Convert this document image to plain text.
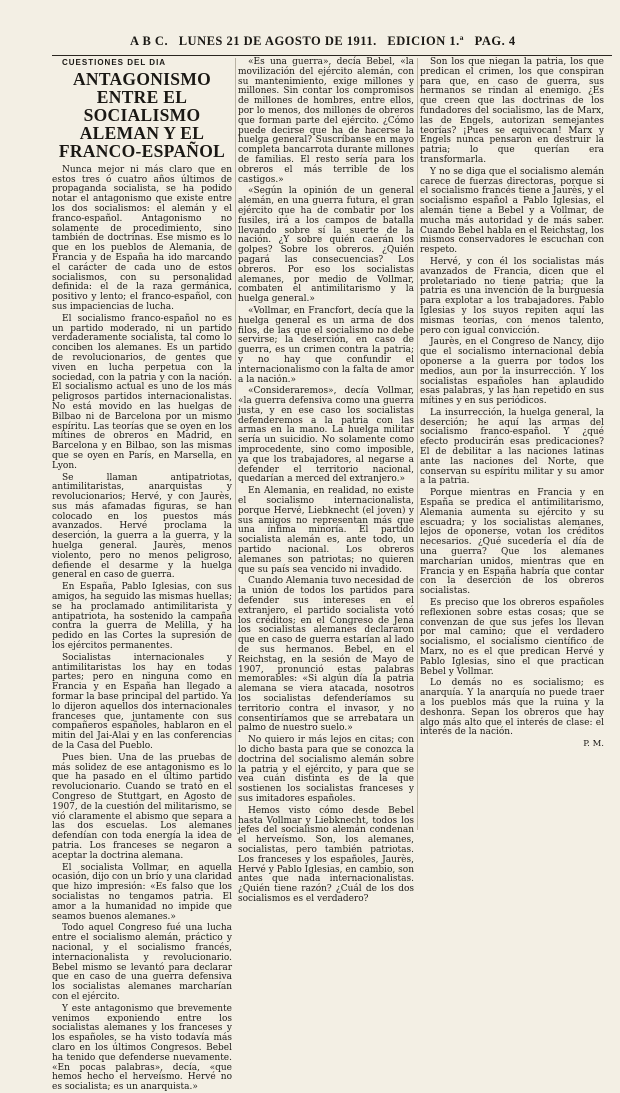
A B C. LUNES 21 DE AGOSTO DE 1911. EDICION 1.ª PAG. 4

CUESTIONES DEL DIA

ANTAGONISMO ENTRE EL SOCIALISMO ALEMAN Y EL FRANCO-ESPAÑOL

Nunca mejor ni más claro que en estos tres ó cuatro años últimos de propaganda socialista, se ha podido notar el antagonismo que existe entre los dos socialismos: el alemán y el franco-español. Antagonismo no solamente de procedimiento, sino también de doctrinas. Ese mismo es lo que en los pueblos de Alemania, de Francia y de España ha ido marcando el carácter de cada uno de estos socialismos, con su personalidad definida: el de la raza germánica, positivo y lento; el franco-español, con sus impaciencias de lucha.

El socialismo franco-español no es un partido moderado, ni un partido verdaderamente socialista, tal como lo conciben los alemanes. Es un partido de revolucionarios, de gentes que viven en lucha perpetua con la sociedad, con la patria y con la nación. El socialismo actual es uno de los más peligrosos partidos internacionalistas. No está movido en las huelgas de Bilbao ni de Barcelona por un mismo espíritu. Las teorías que se oyen en los mítines de obreros en Madrid, en Barcelona y en Bilbao, son las mismas que se oyen en París, en Marsella, en Lyon.

Se llaman antipatriotas, antimilitaristas, anarquistas y revolucionarios; Hervé, y con Jaurès, sus más afamadas figuras, se han colocado en los puestos más avanzados. Hervé proclama la deserción, la guerra a la guerra, y la huelga general. Jaurès, menos violento, pero no menos peligroso, defiende el desarme y la huelga general en caso de guerra.

En España, Pablo Iglesias, con sus amigos, ha seguido las mismas huellas; se ha proclamado antimilitarista y antipatriota, ha sostenido la campaña contra la guerra de Melilla, y ha pedido en las Cortes la supresión de los ejércitos permanentes.

Socialistas internacionales y antimilitaristas los hay en todas partes; pero en ninguna como en Francia y en España han llegado a formar la base principal del partido. Ya lo dijeron aquellos dos internacionales franceses que, juntamente con sus compañeros españoles, hablaron en el mitin del Jai-Alai y en las conferencias de la Casa del Pueblo.

Pues bien. Una de las pruebas de más solidez de ese antagonismo es lo que ha pasado en el último partido revolucionario. Cuando se trató en el Congreso de Stuttgart, en Agosto de 1907, de la cuestión del militarismo, se vió claramente el abismo que separa a las dos escuelas. Los alemanes defendían con toda energía la idea de patria. Los franceses se negaron a aceptar la doctrina alemana.

El socialista Vollmar, en aquella ocasión, dijo con un brío y una claridad que hizo impresión: «Es falso que los socialistas no tengamos patria. El amor a la humanidad no impide que seamos buenos alemanes.»

Todo aquel Congreso fué una lucha entre el socialismo alemán, práctico y nacional, y el socialismo francés, internacionalista y revolucionario. Bebel mismo se levantó para declarar que en caso de una guerra defensiva los socialistas alemanes marcharían con el ejército.

Y este antagonismo que brevemente venimos exponiendo entre los socialistas alemanes y los franceses y los españoles, se ha visto todavía más claro en los últimos Congresos. Bebel ha tenido que defenderse nuevamente. «En pocas palabras», decía, «que hemos hecho el herveísmo. Hervé no es socialista; es un anarquista.»

«Es una guerra», decía Bebel, «la movilización del ejército alemán, con su mantenimiento, exige millones y millones. Sin contar los compromisos de millones de hombres, entre ellos, por lo menos, dos millones de obreros que forman parte del ejército. ¿Cómo puede decirse que ha de hacerse la huelga general? Suscríbanse en mayo completa bancarrota durante millones de familias. El resto sería para los obreros el más terrible de los castigos.»

«Según la opinión de un general alemán, en una guerra futura, el gran ejército que ha de combatir por los fusiles, irá a los campos de batalla llevando sobre sí la suerte de la nación. ¿Y sobre quién caerán los golpes? Sobre los obreros. ¿Quién pagará las consecuencias? Los obreros. Por eso los socialistas alemanes, por medio de Vollmar, combaten el antimilitarismo y la huelga general.»

«Vollmar, en Francfort, decía que la huelga general es un arma de dos filos, de las que el socialismo no debe servirse; la deserción, en caso de guerra, es un crimen contra la patria; y no hay que confundir el internacionalismo con la falta de amor a la nación.»

«Consideraremos», decía Vollmar, «la guerra defensiva como una guerra justa, y en ese caso los socialistas defenderemos a la patria con las armas en la mano. La huelga militar sería un suicidio. No solamente como improcedente, sino como imposible, ya que los trabajadores, al negarse a defender el territorio nacional, quedarían a merced del extranjero.»

En Alemania, en realidad, no existe el socialismo internacionalista, porque Hervé, Liebknecht (el joven) y sus amigos no representan más que una ínfima minoría. El partido socialista alemán es, ante todo, un partido nacional. Los obreros alemanes son patriotas; no quieren que su país sea vencido ni invadido.

Cuando Alemania tuvo necesidad de la unión de todos los partidos para defender sus intereses en el extranjero, el partido socialista votó los créditos; en el Congreso de Jena los socialistas alemanes declararon que en caso de guerra estarían al lado de sus hermanos. Bebel, en el Reichstag, en la sesión de Mayo de 1907, pronunció estas palabras memorables: «Si algún día la patria alemana se viera atacada, nosotros los socialistas defenderíamos su territorio contra el invasor, y no consentiríamos que se arrebatara un palmo de nuestro suelo.»

No quiero ir más lejos en citas; con lo dicho basta para que se conozca la doctrina del socialismo alemán sobre la patria y el ejército, y para que se vea cuán distinta es de la que sostienen los socialistas franceses y sus imitadores españoles.

Hemos visto cómo desde Bebel hasta Vollmar y Liebknecht, todos los jefes del socialismo alemán condenan el herveísmo. Son, los alemanes, socialistas, pero también patriotas. Los franceses y los españoles, Jaurès, Hervé y Pablo Iglesias, en cambio, son antes que nada internacionalistas. ¿Quién tiene razón? ¿Cuál de los dos socialismos es el verdadero?

Son los que niegan la patria, los que predican el crimen, los que conspiran para que, en caso de guerra, sus hermanos se rindan al enemigo. ¿Es que creen que las doctrinas de los fundadores del socialismo, las de Marx, las de Engels, autorizan semejantes teorías? ¡Pues se equivocan! Marx y Engels nunca pensaron en destruir la patria; lo que querían era transformarla.

Y no se diga que el socialismo alemán carece de fuerzas directoras, porque si el socialismo francés tiene a Jaurès, y el socialismo español a Pablo Iglesias, el alemán tiene a Bebel y a Vollmar, de mucha más autoridad y de más saber. Cuando Bebel habla en el Reichstag, los mismos conservadores le escuchan con respeto.

Hervé, y con él los socialistas más avanzados de Francia, dicen que el proletariado no tiene patria; que la patria es una invención de la burguesía para explotar a los trabajadores. Pablo Iglesias y los suyos repiten aquí las mismas teorías, con menos talento, pero con igual convicción.

Jaurès, en el Congreso de Nancy, dijo que el socialismo internacional debía oponerse a la guerra por todos los medios, aun por la insurrección. Y los socialistas españoles han aplaudido esas palabras, y las han repetido en sus mítines y en sus periódicos.

La insurrección, la huelga general, la deserción; he aquí las armas del socialismo franco-español. Y ¿qué efecto producirán esas predicaciones? El de debilitar a las naciones latinas ante las naciones del Norte, que conservan su espíritu militar y su amor a la patria.

Porque mientras en Francia y en España se predica el antimilitarismo, Alemania aumenta su ejército y su escuadra; y los socialistas alemanes, lejos de oponerse, votan los créditos necesarios. ¿Qué sucedería el día de una guerra? Que los alemanes marcharían unidos, mientras que en Francia y en España habría que contar con la deserción de los obreros socialistas.

Es preciso que los obreros españoles reflexionen sobre estas cosas; que se convenzan de que sus jefes los llevan por mal camino; que el verdadero socialismo, el socialismo científico de Marx, no es el que predican Hervé y Pablo Iglesias, sino el que practican Bebel y Vollmar.

Lo demás no es socialismo; es anarquía. Y la anarquía no puede traer a los pueblos más que la ruina y la deshonra. Sepan los obreros que hay algo más alto que el interés de clase: el interés de la nación.

P. M.
